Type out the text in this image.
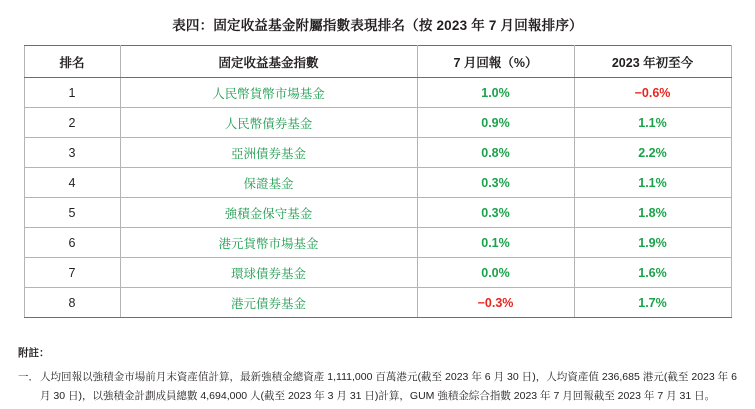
表四：固定收益基金附屬指數表現排名（按 2023 年 7 月回報排序）
排名	固定收益基金指數	7 月回報（%）	2023 年初至今
1	人民幣貨幣市場基金	1.0%	−0.6%
2	人民幣債券基金	0.9%	1.1%
3	亞洲債券基金	0.8%	2.2%
4	保證基金	0.3%	1.1%
5	強積金保守基金	0.3%	1.8%
6	港元貨幣市場基金	0.1%	1.9%
7	環球債券基金	0.0%	1.6%
8	港元債券基金	−0.3%	1.7%
附註：
一． 人均回報以強積金市場前月末資產值計算，最新強積金總資產 1,111,000 百萬港元(截至 2023 年 6 月 30 日)，人均資產值 236,685 港元(截至 2023 年 6 月 30 日)，以強積金計劃成員總數 4,694,000 人(截至 2023 年 3 月 31 日)計算，GUM 強積金綜合指數 2023 年 7 月回報截至 2023 年 7 月 31 日。
